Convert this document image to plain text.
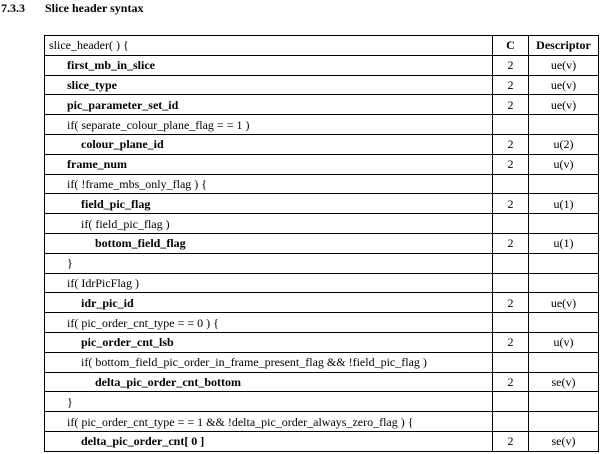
7.3.3 Slice header syntax
slice_header( ) {	C	Descriptor
first_mb_in_slice	2	ue(v)
slice_type	2	ue(v)
pic_parameter_set_id	2	ue(v)
if( separate_colour_plane_flag = = 1 )		
colour_plane_id	2	u(2)
frame_num	2	u(v)
if( !frame_mbs_only_flag ) {		
field_pic_flag	2	u(1)
if( field_pic_flag )		
bottom_field_flag	2	u(1)
}		
if( IdrPicFlag )		
idr_pic_id	2	ue(v)
if( pic_order_cnt_type = = 0 ) {		
pic_order_cnt_lsb	2	u(v)
if( bottom_field_pic_order_in_frame_present_flag && !field_pic_flag )		
delta_pic_order_cnt_bottom	2	se(v)
}		
if( pic_order_cnt_type = = 1 && !delta_pic_order_always_zero_flag ) {		
delta_pic_order_cnt[ 0 ]	2	se(v)
